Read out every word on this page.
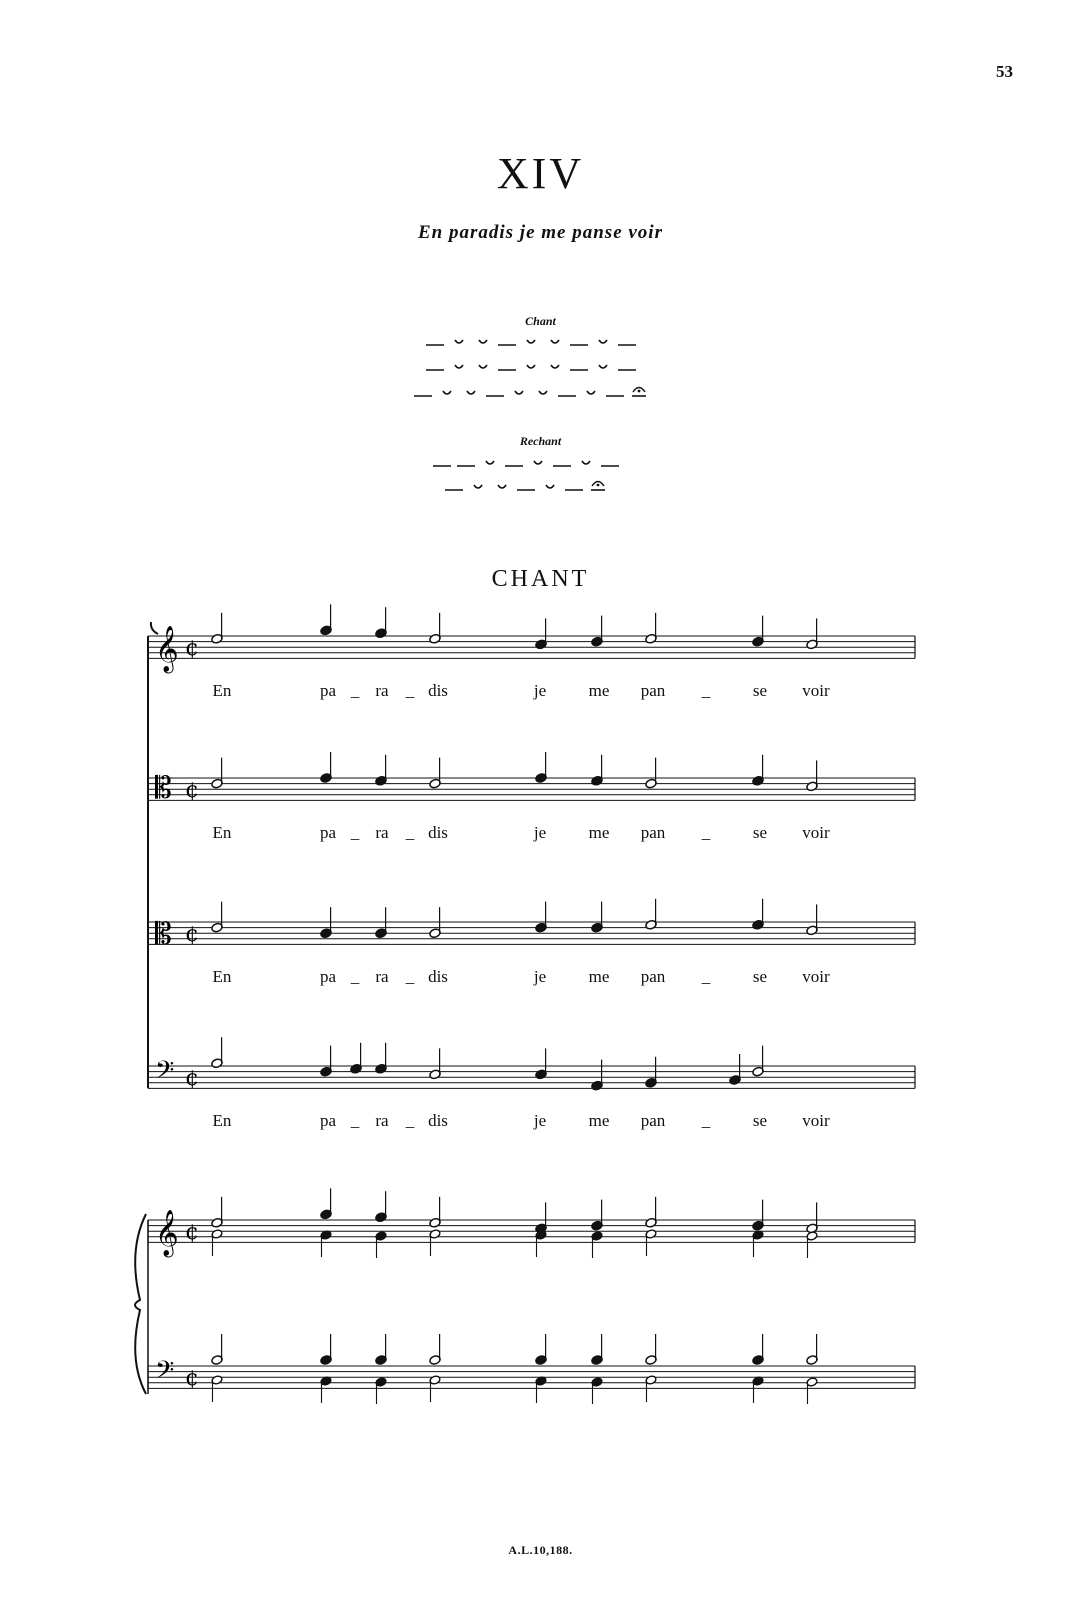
53
XIV
En paradis je me panse voir
Chant
Rechant
CHANT
𝄞 ¢
En	pa _ ra _ dis	je me pan _	se voir
𝄡 ¢
En	pa _ ra _ dis	je me pan _	se voir
𝄡 ¢
En	pa _ ra _ dis	je me pan _	se voir
𝄢 ¢
En	pa _ ra _ dis	je me pan _	se voir
𝄞 ¢
𝄢 ¢
A.L.10,188.
